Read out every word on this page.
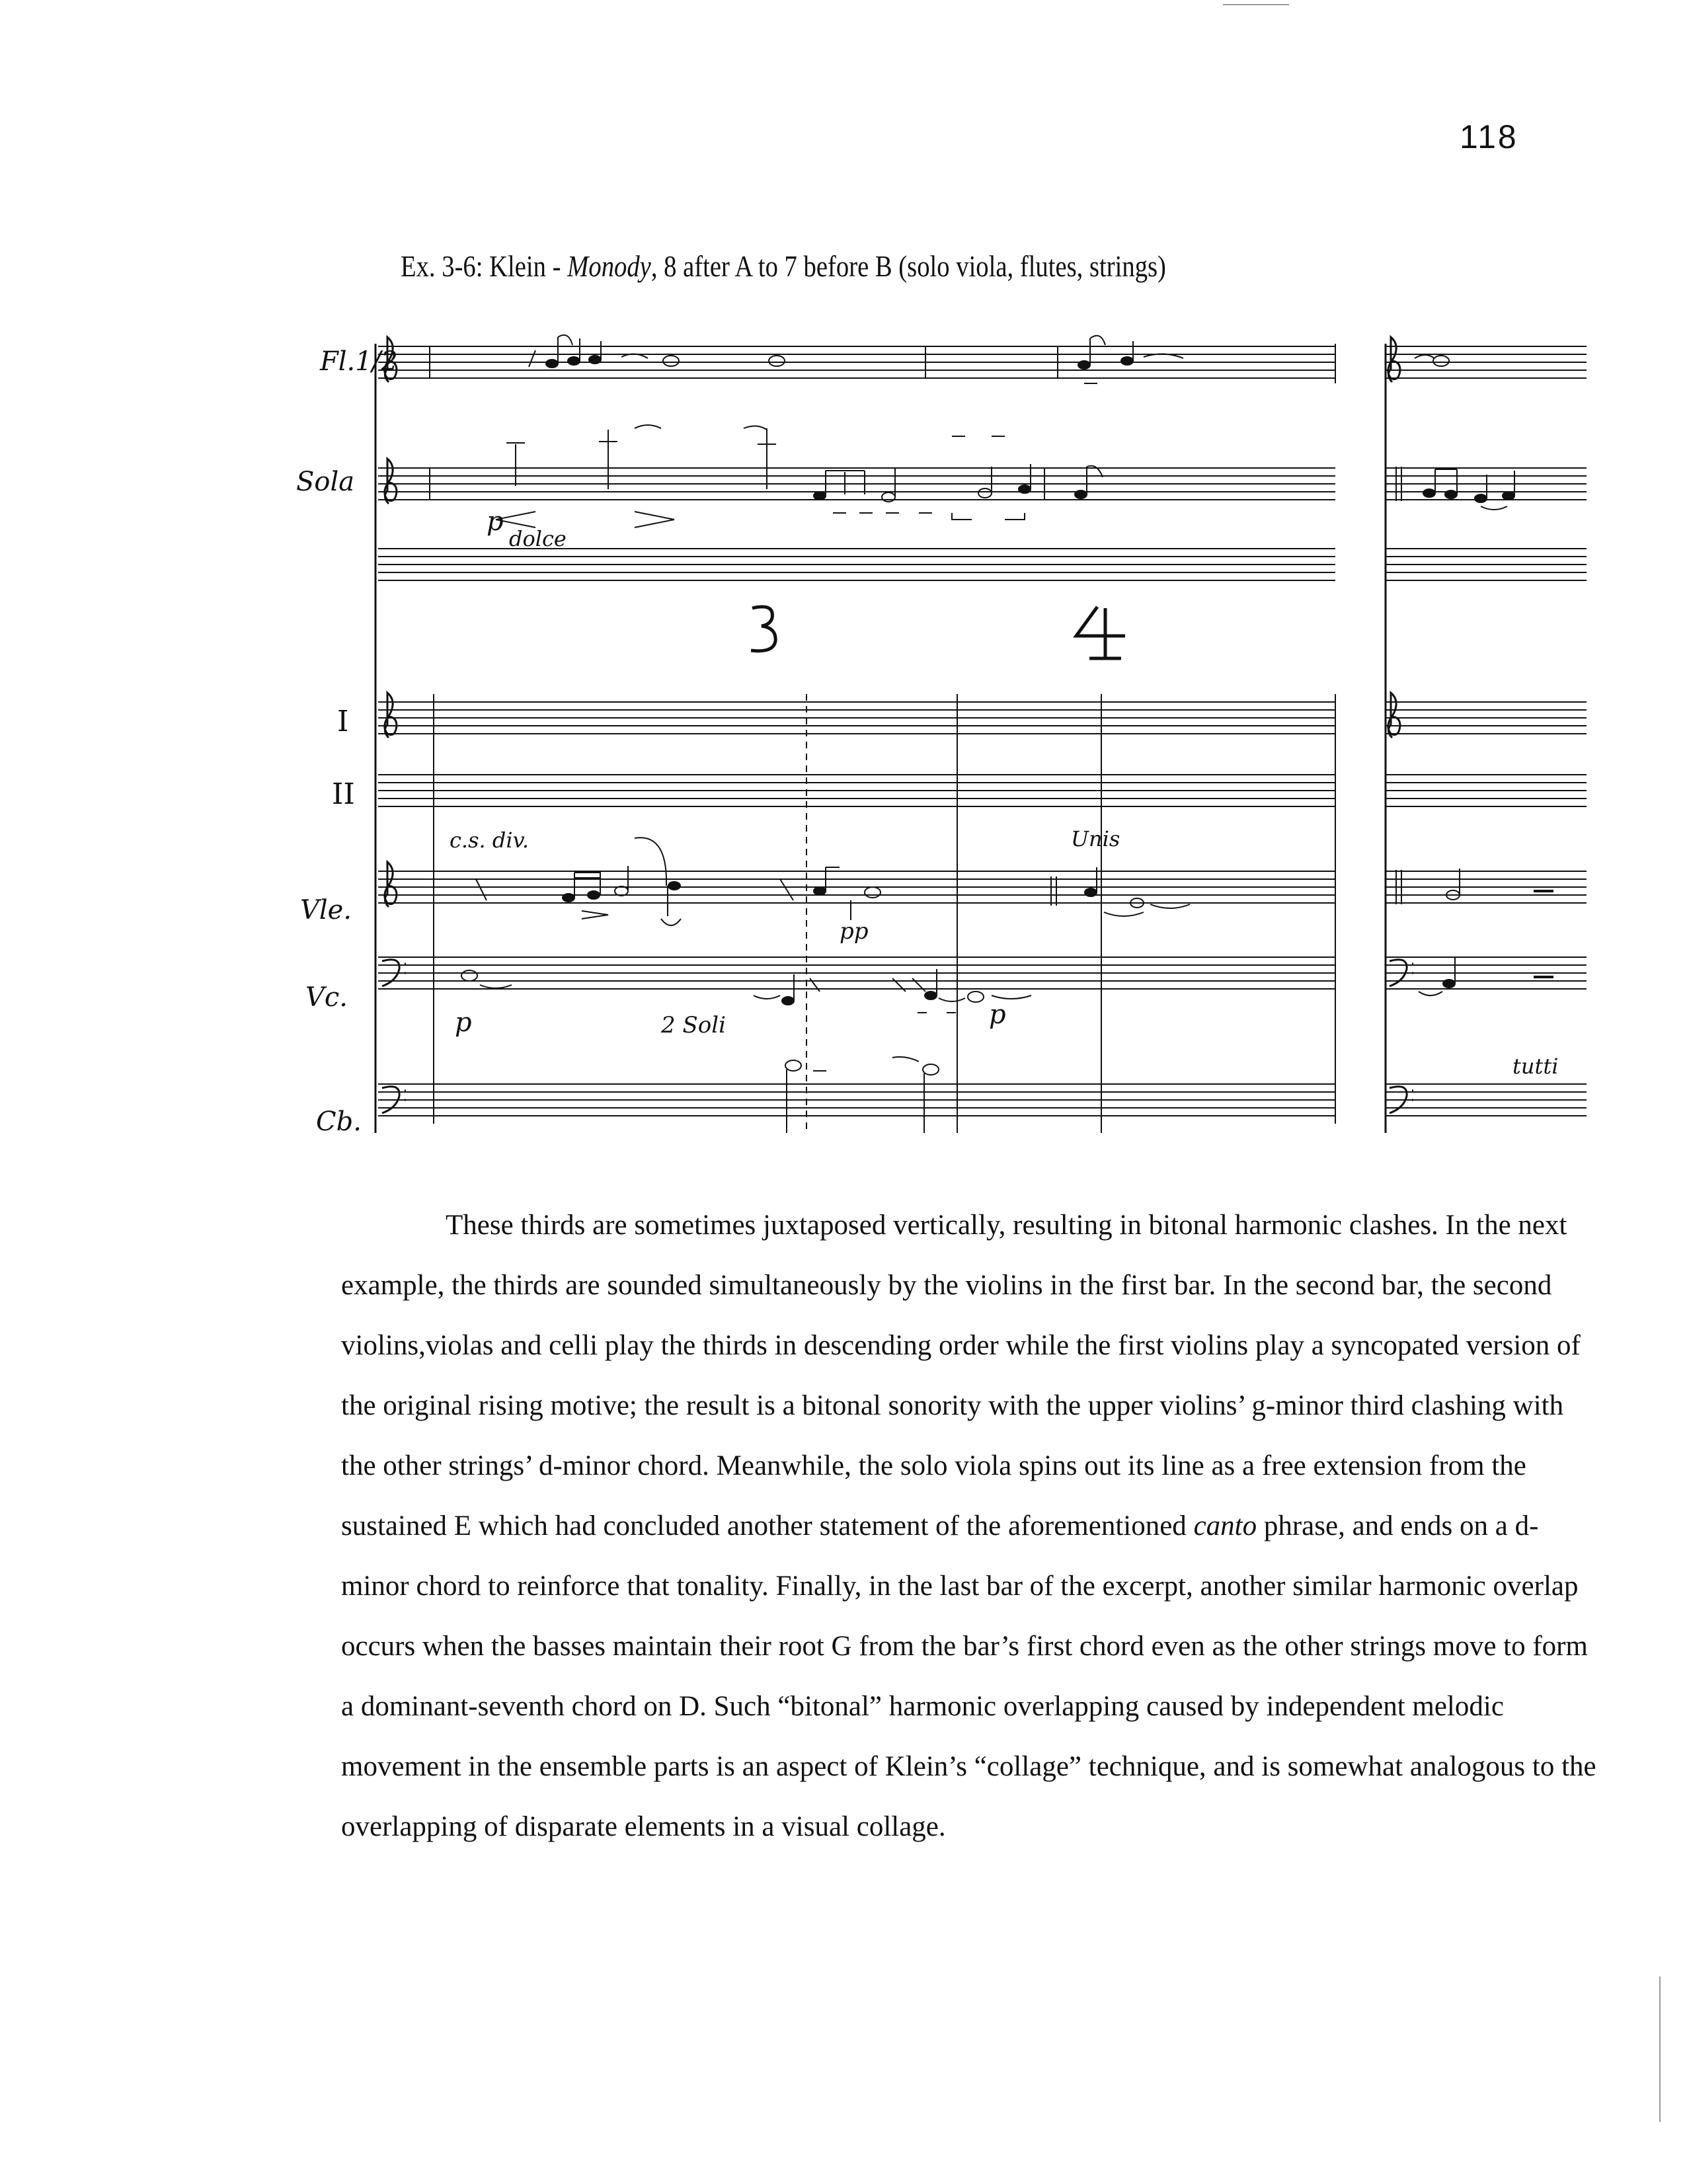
118
Ex. 3-6: Klein - Monody, 8 after A to 7 before B (solo viola, flutes, strings)
Fl.1/2
Sola
I
II
Vle.
Vc.
Cb.
p
dolce
c.s. div.	Unis
pp
p	2 Soli	p
tutti

These thirds are sometimes juxtaposed vertically, resulting in bitonal harmonic clashes. In the next example, the thirds are sounded simultaneously by the violins in the first bar. In the second bar, the second violins,violas and celli play the thirds in descending order while the first violins play a syncopated version of the original rising motive; the result is a bitonal sonority with the upper violins’ g-minor third clashing with the other strings’ d-minor chord. Meanwhile, the solo viola spins out its line as a free extension from the sustained E which had concluded another statement of the aforementioned canto phrase, and ends on a d-minor chord to reinforce that tonality. Finally, in the last bar of the excerpt, another similar harmonic overlap occurs when the basses maintain their root G from the bar’s first chord even as the other strings move to form a dominant-seventh chord on D. Such “bitonal” harmonic overlapping caused by independent melodic movement in the ensemble parts is an aspect of Klein’s “collage” technique, and is somewhat analogous to the overlapping of disparate elements in a visual collage.
